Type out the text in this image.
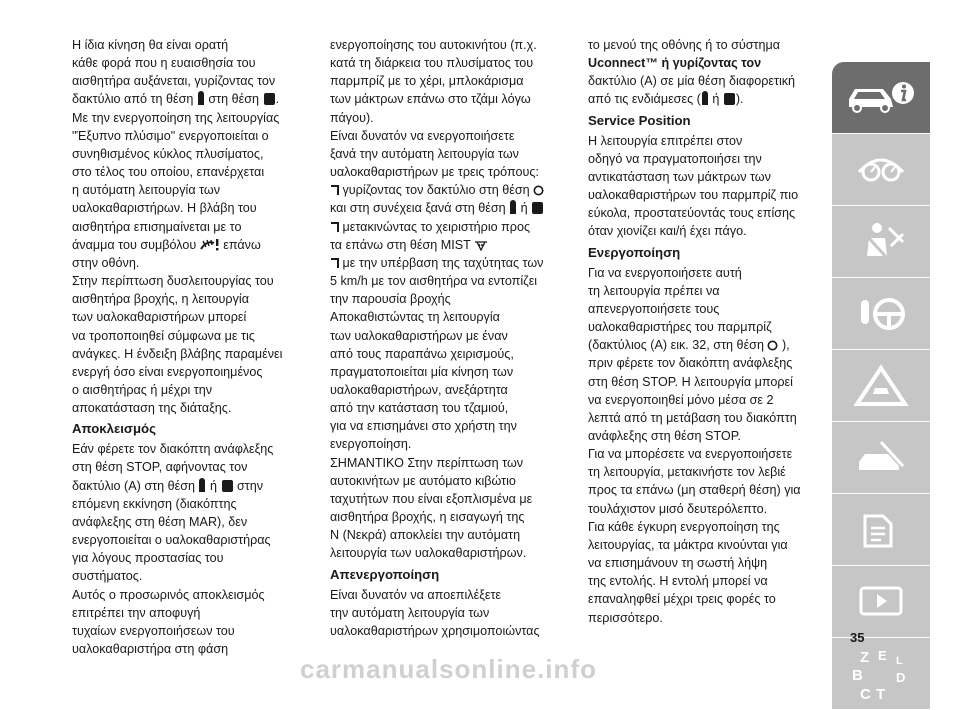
Η ίδια κίνηση θα είναι ορατή
κάθε φορά που η ευαισθησία του
αισθητήρα αυξάνεται, γυρίζοντας τον
δακτύλιο από τη θέση στη θέση .

Με την ενεργοποίηση της λειτουργίας
"Έξυπνο πλύσιμο" ενεργοποιείται ο
συνηθισμένος κύκλος πλυσίματος,
στο τέλος του οποίου, επανέρχεται
η αυτόματη λειτουργία των
υαλοκαθαριστήρων. Η βλάβη του
αισθητήρα επισημαίνεται με το
άναμμα του συμβόλου επάνω
στην οθόνη.

Στην περίπτωση δυσλειτουργίας του
αισθητήρα βροχής, η λειτουργία
των υαλοκαθαριστήρων μπορεί
να τροποποιηθεί σύμφωνα με τις
ανάγκες. Η ένδειξη βλάβης παραμένει
ενεργή όσο είναι ενεργοποιημένος
ο αισθητήρας ή μέχρι την
αποκατάσταση της διάταξης.

Αποκλεισμός

Εάν φέρετε τον διακόπτη ανάφλεξης
στη θέση STOP, αφήνοντας τον
δακτύλιο (A) στη θέση ή στην
επόμενη εκκίνηση (διακόπτης
ανάφλεξης στη θέση MAR), δεν
ενεργοποιείται ο υαλοκαθαριστήρας
για λόγους προστασίας του
συστήματος.

Αυτός ο προσωρινός αποκλεισμός
επιτρέπει την αποφυγή
τυχαίων ενεργοποιήσεων του
υαλοκαθαριστήρα στη φάση

ενεργοποίησης του αυτοκινήτου (π.χ.
κατά τη διάρκεια του πλυσίματος του
παρμπρίζ με το χέρι, μπλοκάρισμα
των μάκτρων επάνω στο τζάμι λόγω
πάγου).

Είναι δυνατόν να ενεργοποιήσετε
ξανά την αυτόματη λειτουργία των
υαλοκαθαριστήρων με τρεις τρόπους:
γυρίζοντας τον δακτύλιο στη θέση
και στη συνέχεια ξανά στη θέση ή
μετακινώντας το χειριστήριο προς
τα επάνω στη θέση MIST
με την υπέρβαση της ταχύτητας των
5 km/h με τον αισθητήρα να εντοπίζει
την παρουσία βροχής

Αποκαθιστώντας τη λειτουργία
των υαλοκαθαριστήρων με έναν
από τους παραπάνω χειρισμούς,
πραγματοποιείται μία κίνηση των
υαλοκαθαριστήρων, ανεξάρτητα
από την κατάσταση του τζαμιού,
για να επισημάνει στο χρήστη την
ενεργοποίηση.

ΣΗΜΑΝΤΙΚΟ Στην περίπτωση των
αυτοκινήτων με αυτόματο κιβώτιο
ταχυτήτων που είναι εξοπλισμένα με
αισθητήρα βροχής, η εισαγωγή της
N (Νεκρά) αποκλείει την αυτόματη
λειτουργία των υαλοκαθαριστήρων.

Απενεργοποίηση

Είναι δυνατόν να αποεπιλέξετε
την αυτόματη λειτουργία των
υαλοκαθαριστήρων χρησιμοποιώντας

το μενού της οθόνης ή το σύστημα
Uconnect™ ή γυρίζοντας τον
δακτύλιο (A) σε μία θέση διαφορετική
από τις ενδιάμεσες ( ή ).

Service Position

Η λειτουργία επιτρέπει στον
οδηγό να πραγματοποιήσει την
αντικατάσταση των μάκτρων των
υαλοκαθαριστήρων του παρμπρίζ πιο
εύκολα, προστατεύοντάς τους επίσης
όταν χιονίζει και/ή έχει πάγο.

Ενεργοποίηση

Για να ενεργοποιήσετε αυτή
τη λειτουργία πρέπει να
απενεργοποιήσετε τους
υαλοκαθαριστήρες του παρμπρίζ
(δακτύλιος (A) εικ. 32, στη θέση ),
πριν φέρετε τον διακόπτη ανάφλεξης
στη θέση STOP. Η λειτουργία μπορεί
να ενεργοποιηθεί μόνο μέσα σε 2
λεπτά από τη μετάβαση του διακόπτη
ανάφλεξης στη θέση STOP.

Για να μπορέσετε να ενεργοποιήσετε
τη λειτουργία, μετακινήστε τον λεβιέ
προς τα επάνω (μη σταθερή θέση) για
τουλάχιστον μισό δευτερόλεπτο.

Για κάθε έγκυρη ενεργοποίηση της
λειτουργίας, τα μάκτρα κινούνται για
να επισημάνουν τη σωστή λήψη
της εντολής. Η εντολή μπορεί να
επαναληφθεί μέχρι τρεις φορές το
περισσότερο.

Z E
B
C
D
T
L
35
carmanualsonline.info
